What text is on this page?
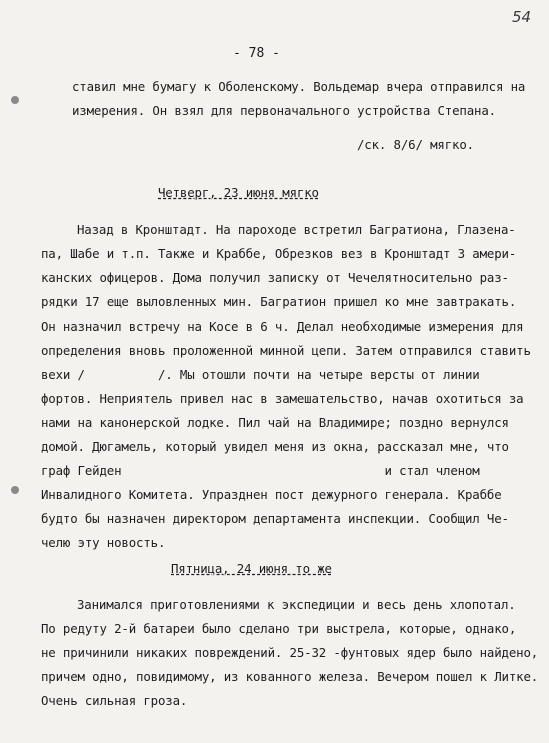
54
- 78 -
ставил мне бумагу к Оболенскому. Вольдемар вчера отправился на
измерения. Он взял для первоначального устройства Степана.
/ск. 8/6/ мягко.
Четверг, 23 июня мягко
Назад в Кронштадт. На пароходе встретил Багратиона, Глазена-
па, Шабе и т.п. Также и Краббе, Обрезков вез в Кронштадт 3 амери-
канских офицеров. Дома получил записку от Чечелятносительно раз-
рядки 17 еще выловленных мин. Багратион пришел ко мне завтракать.
Он назначил встречу на Косе в 6 ч. Делал необходимые измерения для
определения вновь проложенной минной цепи. Затем отправился ставить
вехи /          /. Мы отошли почти на четыре версты от линии
фортов. Неприятель привел нас в замешательство, начав охотиться за
нами на канонерской лодке. Пил чай на Владимире; поздно вернулся
домой. Дюгамель, который увидел меня из окна, рассказал мне, что
граф Гейден                                    и стал членом
Инвалидного Комитета. Упразднен пост дежурного генерала. Краббе
будто бы назначен директором департамента инспекции. Сообщил Че-
челю эту новость.
Пятница, 24 июня то же
Занимался приготовлениями к экспедиции и весь день хлопотал.
По редуту 2-й батареи было сделано три выстрела, которые, однако,
не причинили никаких повреждений. 25-32 -фунтовых ядер было найдено,
причем одно, повидимому, из кованного железа. Вечером пошел к Литке.
Очень сильная гроза.
